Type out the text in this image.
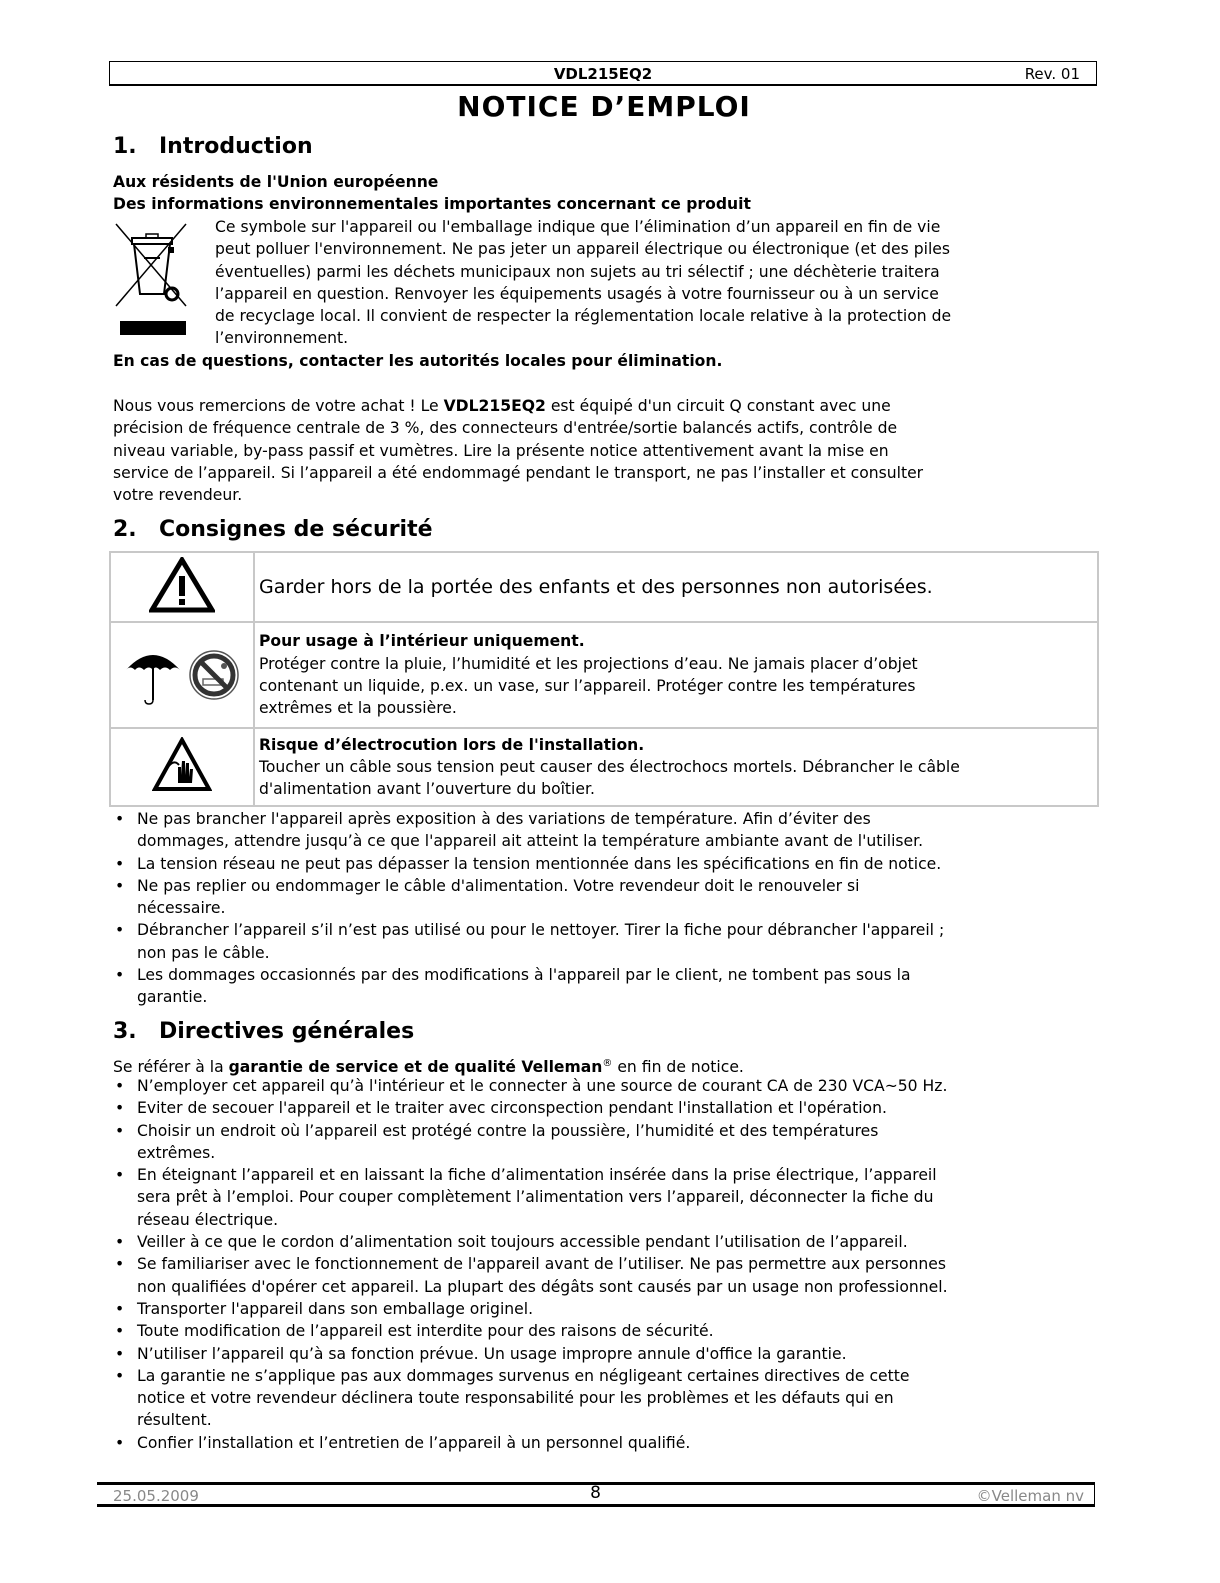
VDL215EQ2	Rev. 01
NOTICE D’EMPLOI
1. Introduction
Aux résidents de l'Union européenne
Des informations environnementales importantes concernant ce produit
Ce symbole sur l'appareil ou l'emballage indique que l’élimination d’un appareil en fin de vie
peut polluer l'environnement. Ne pas jeter un appareil électrique ou électronique (et des piles
éventuelles) parmi les déchets municipaux non sujets au tri sélectif ; une déchèterie traitera
l’appareil en question. Renvoyer les équipements usagés à votre fournisseur ou à un service
de recyclage local. Il convient de respecter la réglementation locale relative à la protection de
l’environnement.
En cas de questions, contacter les autorités locales pour élimination.
Nous vous remercions de votre achat ! Le VDL215EQ2 est équipé d'un circuit Q constant avec une
précision de fréquence centrale de 3 %, des connecteurs d'entrée/sortie balancés actifs, contrôle de
niveau variable, by-pass passif et vumètres. Lire la présente notice attentivement avant la mise en
service de l’appareil. Si l’appareil a été endommagé pendant le transport, ne pas l’installer et consulter
votre revendeur.
2. Consignes de sécurité
	Garder hors de la portée des enfants et des personnes non autorisées.

Pour usage à l’intérieur uniquement.
Protéger contre la pluie, l’humidité et les projections d’eau. Ne jamais placer d’objet
contenant un liquide, p.ex. un vase, sur l’appareil. Protéger contre les températures
extrêmes et la poussière.

Risque d’électrocution lors de l'installation.
Toucher un câble sous tension peut causer des électrochocs mortels. Débrancher le câble
d'alimentation avant l’ouverture du boîtier.
• Ne pas brancher l'appareil après exposition à des variations de température. Afin d’éviter des
dommages, attendre jusqu’à ce que l'appareil ait atteint la température ambiante avant de l'utiliser.
• La tension réseau ne peut pas dépasser la tension mentionnée dans les spécifications en fin de notice.
• Ne pas replier ou endommager le câble d'alimentation. Votre revendeur doit le renouveler si
nécessaire.
• Débrancher l’appareil s’il n’est pas utilisé ou pour le nettoyer. Tirer la fiche pour débrancher l'appareil ;
non pas le câble.
• Les dommages occasionnés par des modifications à l'appareil par le client, ne tombent pas sous la
garantie.
3. Directives générales
Se référer à la garantie de service et de qualité Velleman® en fin de notice.
• N’employer cet appareil qu’à l'intérieur et le connecter à une source de courant CA de 230 VCA~50 Hz.
• Eviter de secouer l'appareil et le traiter avec circonspection pendant l'installation et l'opération.
• Choisir un endroit où l’appareil est protégé contre la poussière, l’humidité et des températures
extrêmes.
• En éteignant l’appareil et en laissant la fiche d’alimentation insérée dans la prise électrique, l’appareil
sera prêt à l’emploi. Pour couper complètement l’alimentation vers l’appareil, déconnecter la fiche du
réseau électrique.
• Veiller à ce que le cordon d’alimentation soit toujours accessible pendant l’utilisation de l’appareil.
• Se familiariser avec le fonctionnement de l'appareil avant de l’utiliser. Ne pas permettre aux personnes
non qualifiées d'opérer cet appareil. La plupart des dégâts sont causés par un usage non professionnel.
• Transporter l'appareil dans son emballage originel.
• Toute modification de l’appareil est interdite pour des raisons de sécurité.
• N’utiliser l’appareil qu’à sa fonction prévue. Un usage impropre annule d'office la garantie.
• La garantie ne s’applique pas aux dommages survenus en négligeant certaines directives de cette
notice et votre revendeur déclinera toute responsabilité pour les problèmes et les défauts qui en
résultent.
• Confier l’installation et l’entretien de l’appareil à un personnel qualifié.
25.05.2009	8	©Velleman nv
